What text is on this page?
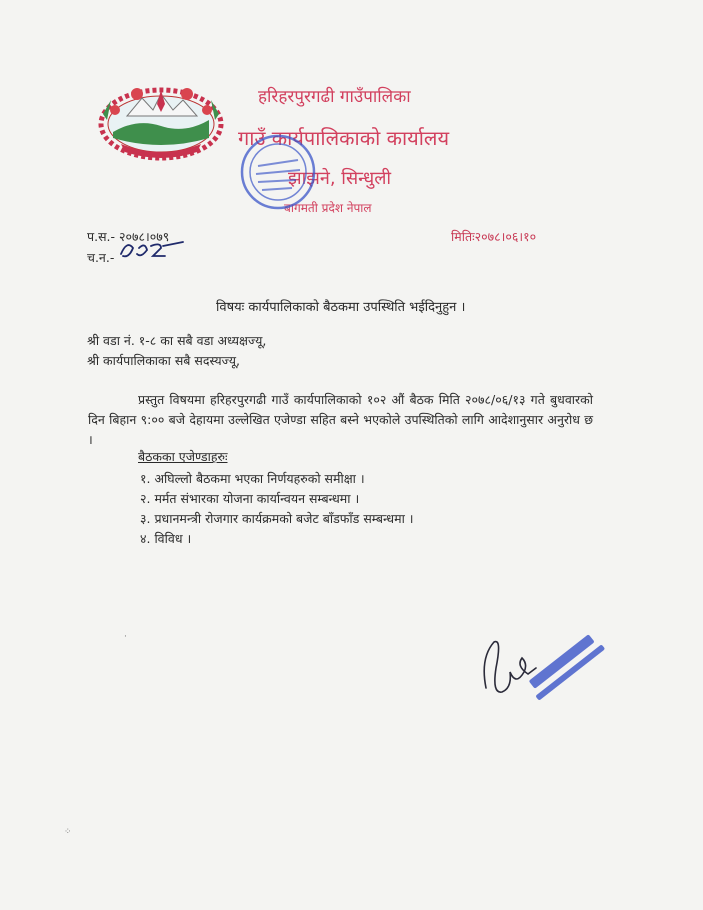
हरिहरपुरगढी गाउँपालिका
गाउँ कार्यपालिकाको कार्यालय
झाझने, सिन्धुली
बागमती प्रदेश नेपाल
प.स.- २०७८।०७९	मितिः२०७८।०६।१०
च.न.-	१९८
विषयः कार्यपालिकाको बैठकमा उपस्थिति भईदिनुहुन ।
श्री वडा नं. १-८ का सबै वडा अध्यक्षज्यू,
श्री कार्यपालिकाका सबै सदस्यज्यू,
प्रस्तुत विषयमा हरिहरपुरगढी गाउँ कार्यपालिकाको १०२ औं बैठक मिति २०७८/०६/१३ गते बुधवारको दिन बिहान ९:०० बजे देहायमा उल्लेखित एजेण्डा सहित बस्ने भएकोले उपस्थितिको लागि आदेशानुसार अनुरोध छ ।
बैठकका एजेण्डाहरुः
१. अघिल्लो बैठकमा भएका निर्णयहरुको समीक्षा ।
२. मर्मत संभारका योजना कार्यान्वयन सम्बन्धमा ।
३. प्रधानमन्त्री रोजगार कार्यक्रमको बजेट बाँडफाँड सम्बन्धमा ।
४. विविध ।
⁘
·
